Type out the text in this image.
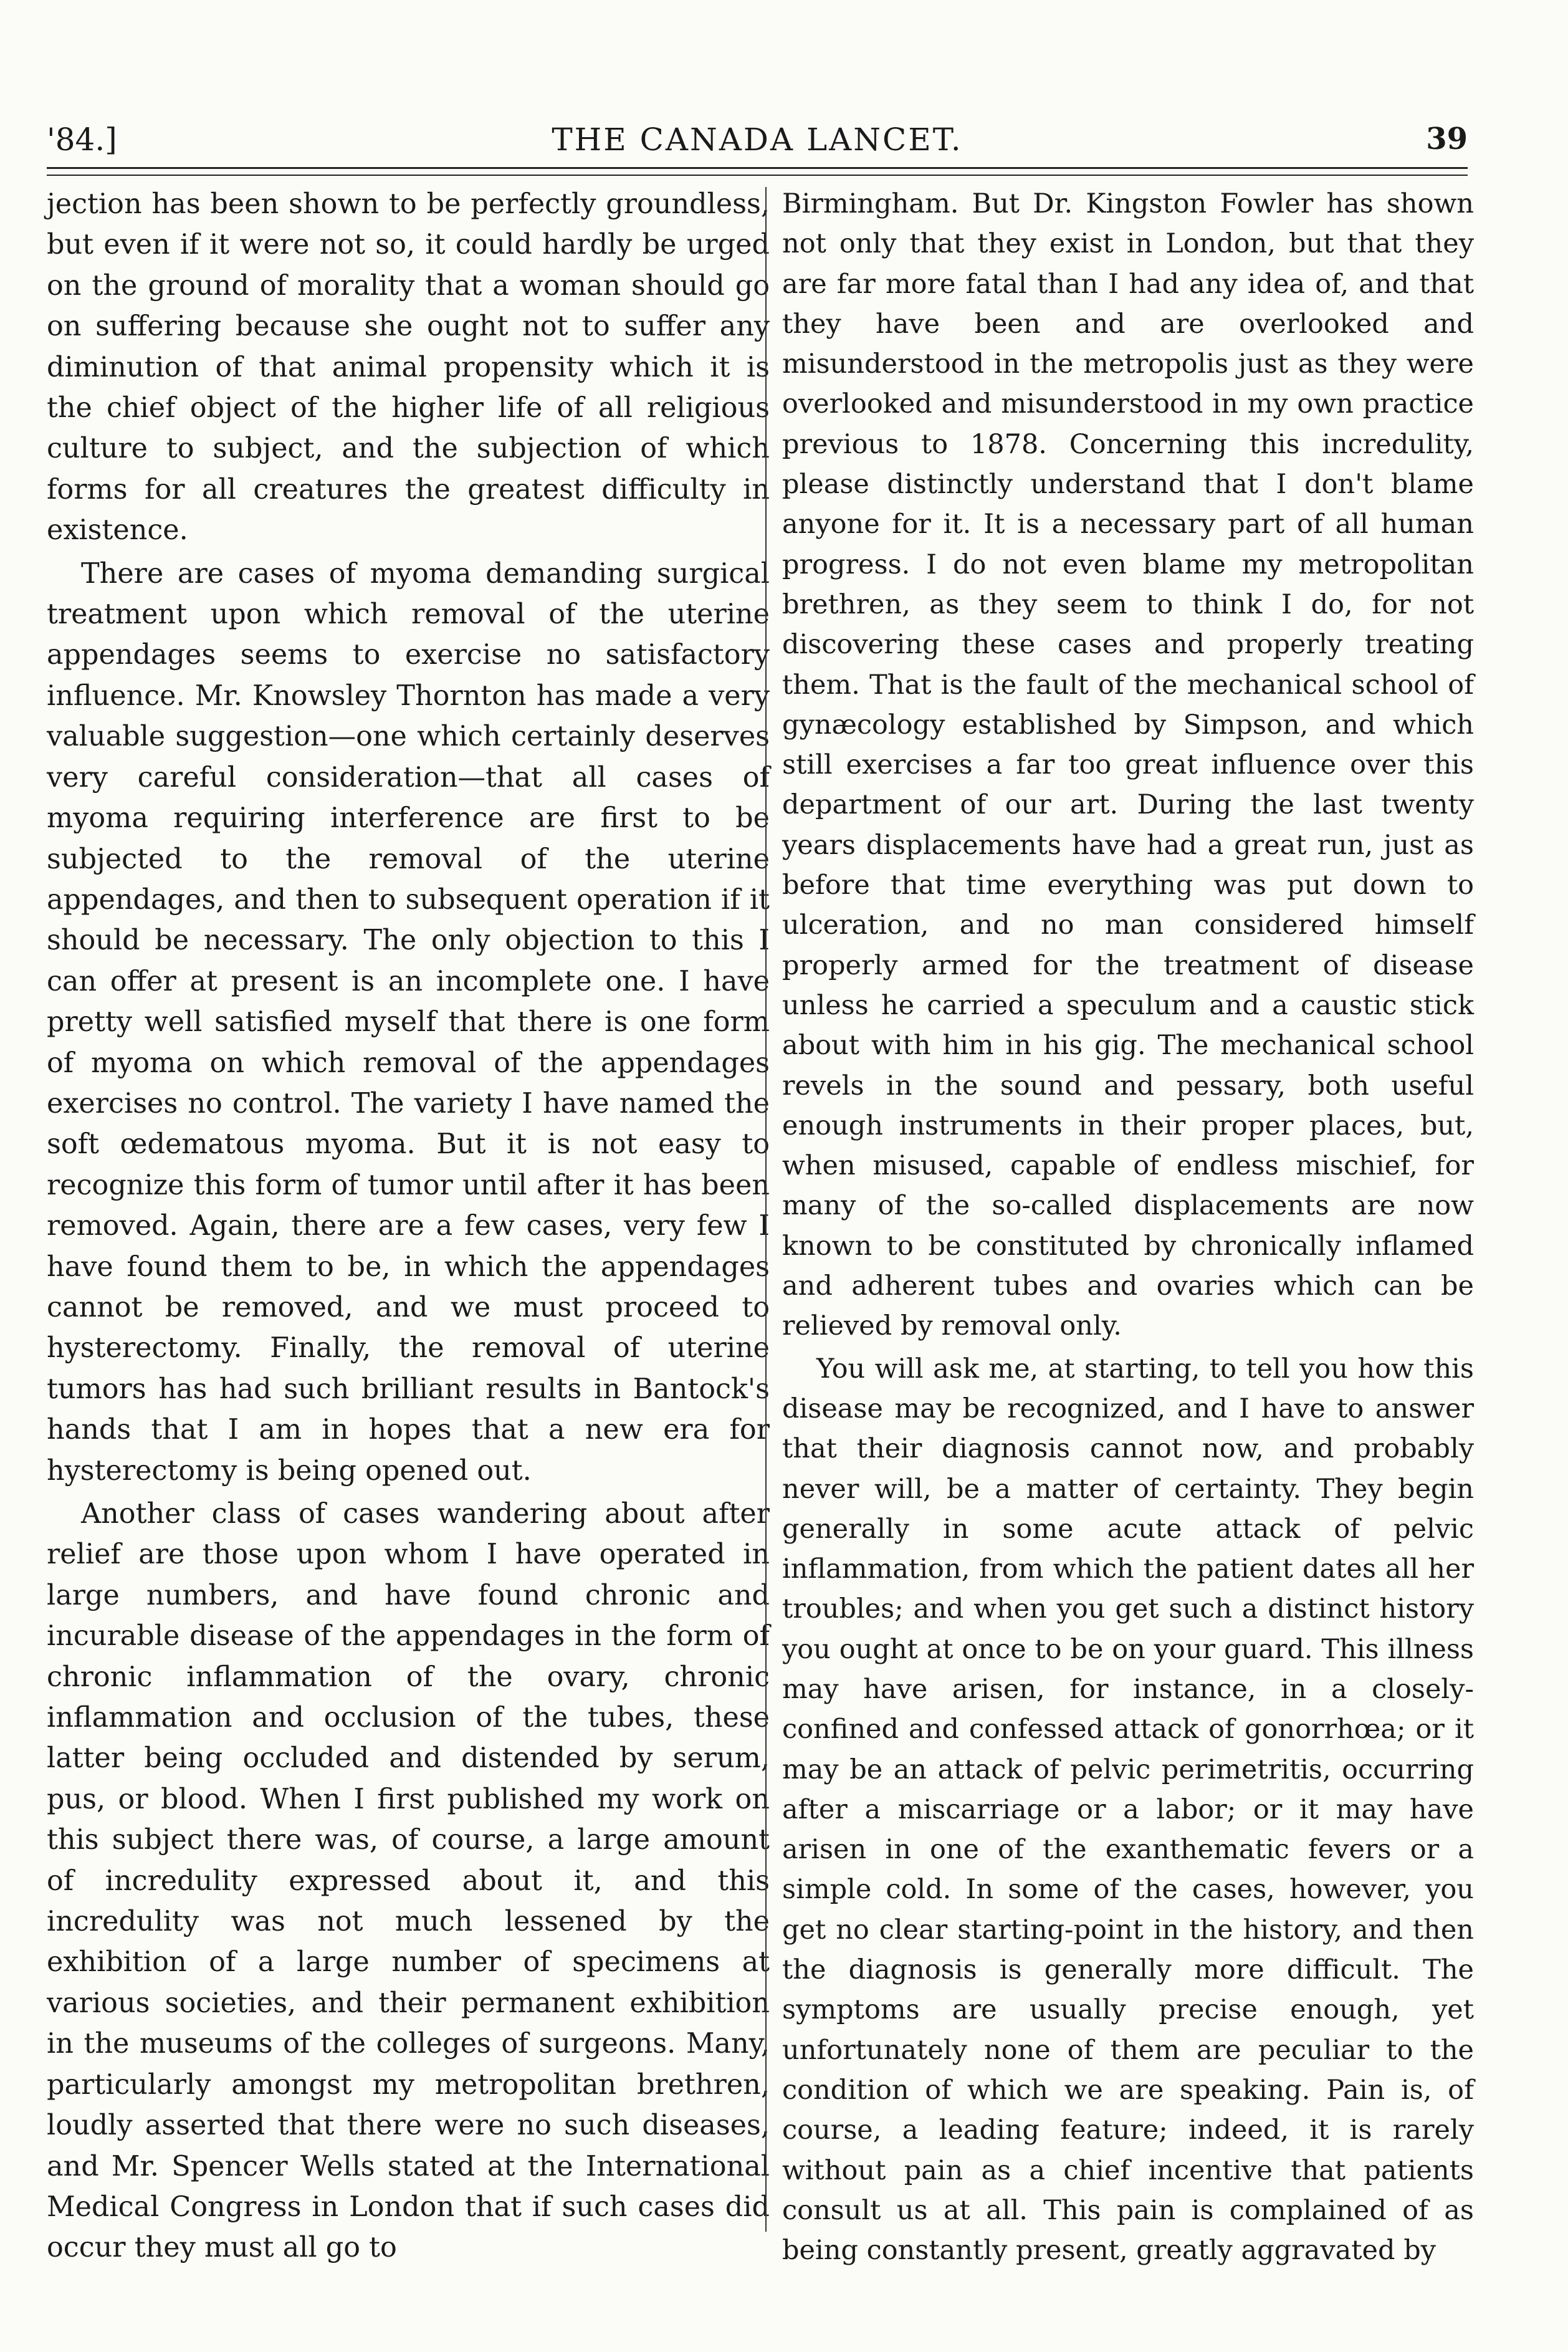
'84.]	THE CANADA LANCET.	39

jection has been shown to be perfectly groundless, but even if it were not so, it could hardly be urged on the ground of morality that a woman should go on suffering because she ought not to suffer any diminution of that animal propensity which it is the chief object of the higher life of all religious culture to subject, and the subjection of which forms for all creatures the greatest difficulty in existence.

There are cases of myoma demanding surgical treatment upon which removal of the uterine appendages seems to exercise no satisfactory influence. Mr. Knowsley Thornton has made a very valuable suggestion—one which certainly deserves very careful consideration—that all cases of myoma requiring interference are first to be subjected to the removal of the uterine appendages, and then to subsequent operation if it should be necessary. The only objection to this I can offer at present is an incomplete one. I have pretty well satisfied myself that there is one form of myoma on which removal of the appendages exercises no control. The variety I have named the soft œdematous myoma. But it is not easy to recognize this form of tumor until after it has been removed. Again, there are a few cases, very few I have found them to be, in which the appendages cannot be removed, and we must proceed to hysterectomy. Finally, the removal of uterine tumors has had such brilliant results in Bantock's hands that I am in hopes that a new era for hysterectomy is being opened out.

Another class of cases wandering about after relief are those upon whom I have operated in large numbers, and have found chronic and incurable disease of the appendages in the form of chronic inflammation of the ovary, chronic inflammation and occlusion of the tubes, these latter being occluded and distended by serum, pus, or blood. When I first published my work on this subject there was, of course, a large amount of incredulity expressed about it, and this incredulity was not much lessened by the exhibition of a large number of specimens at various societies, and their permanent exhibition in the museums of the colleges of surgeons. Many, particularly amongst my metropolitan brethren, loudly asserted that there were no such diseases, and Mr. Spencer Wells stated at the International Medical Congress in London that if such cases did occur they must all go to

Birmingham. But Dr. Kingston Fowler has shown not only that they exist in London, but that they are far more fatal than I had any idea of, and that they have been and are overlooked and misunderstood in the metropolis just as they were overlooked and misunderstood in my own practice previous to 1878. Concerning this incredulity, please distinctly understand that I don't blame anyone for it. It is a necessary part of all human progress. I do not even blame my metropolitan brethren, as they seem to think I do, for not discovering these cases and properly treating them. That is the fault of the mechanical school of gynæcology established by Simpson, and which still exercises a far too great influence over this department of our art. During the last twenty years displacements have had a great run, just as before that time everything was put down to ulceration, and no man considered himself properly armed for the treatment of disease unless he carried a speculum and a caustic stick about with him in his gig. The mechanical school revels in the sound and pessary, both useful enough instruments in their proper places, but, when misused, capable of endless mischief, for many of the so-called displacements are now known to be constituted by chronically inflamed and adherent tubes and ovaries which can be relieved by removal only.

You will ask me, at starting, to tell you how this disease may be recognized, and I have to answer that their diagnosis cannot now, and probably never will, be a matter of certainty. They begin generally in some acute attack of pelvic inflammation, from which the patient dates all her troubles; and when you get such a distinct history you ought at once to be on your guard. This illness may have arisen, for instance, in a closely-confined and confessed attack of gonorrhœa; or it may be an attack of pelvic perimetritis, occurring after a miscarriage or a labor; or it may have arisen in one of the exanthematic fevers or a simple cold. In some of the cases, however, you get no clear starting-point in the history, and then the diagnosis is generally more difficult. The symptoms are usually precise enough, yet unfortunately none of them are peculiar to the condition of which we are speaking. Pain is, of course, a leading feature; indeed, it is rarely without pain as a chief incentive that patients consult us at all. This pain is complained of as being constantly present, greatly aggravated by
